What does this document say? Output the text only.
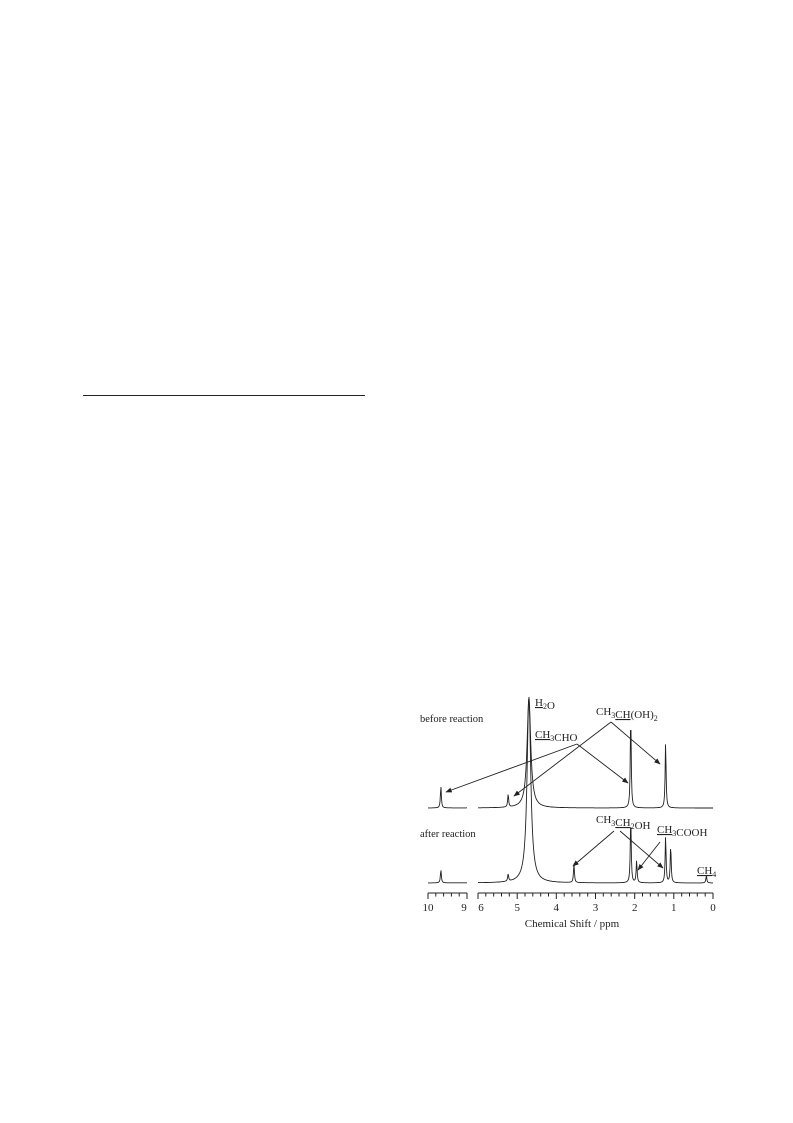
before reaction
after reaction
Chemical Shift / ppm
$H_2O$	$CH_3CH(OH)_2$
$CH_3CHO$
$CH_3CH_2OH$ $CH_3COOH$
$CH_4$
10	9 6	5	4	3	2	1	0
